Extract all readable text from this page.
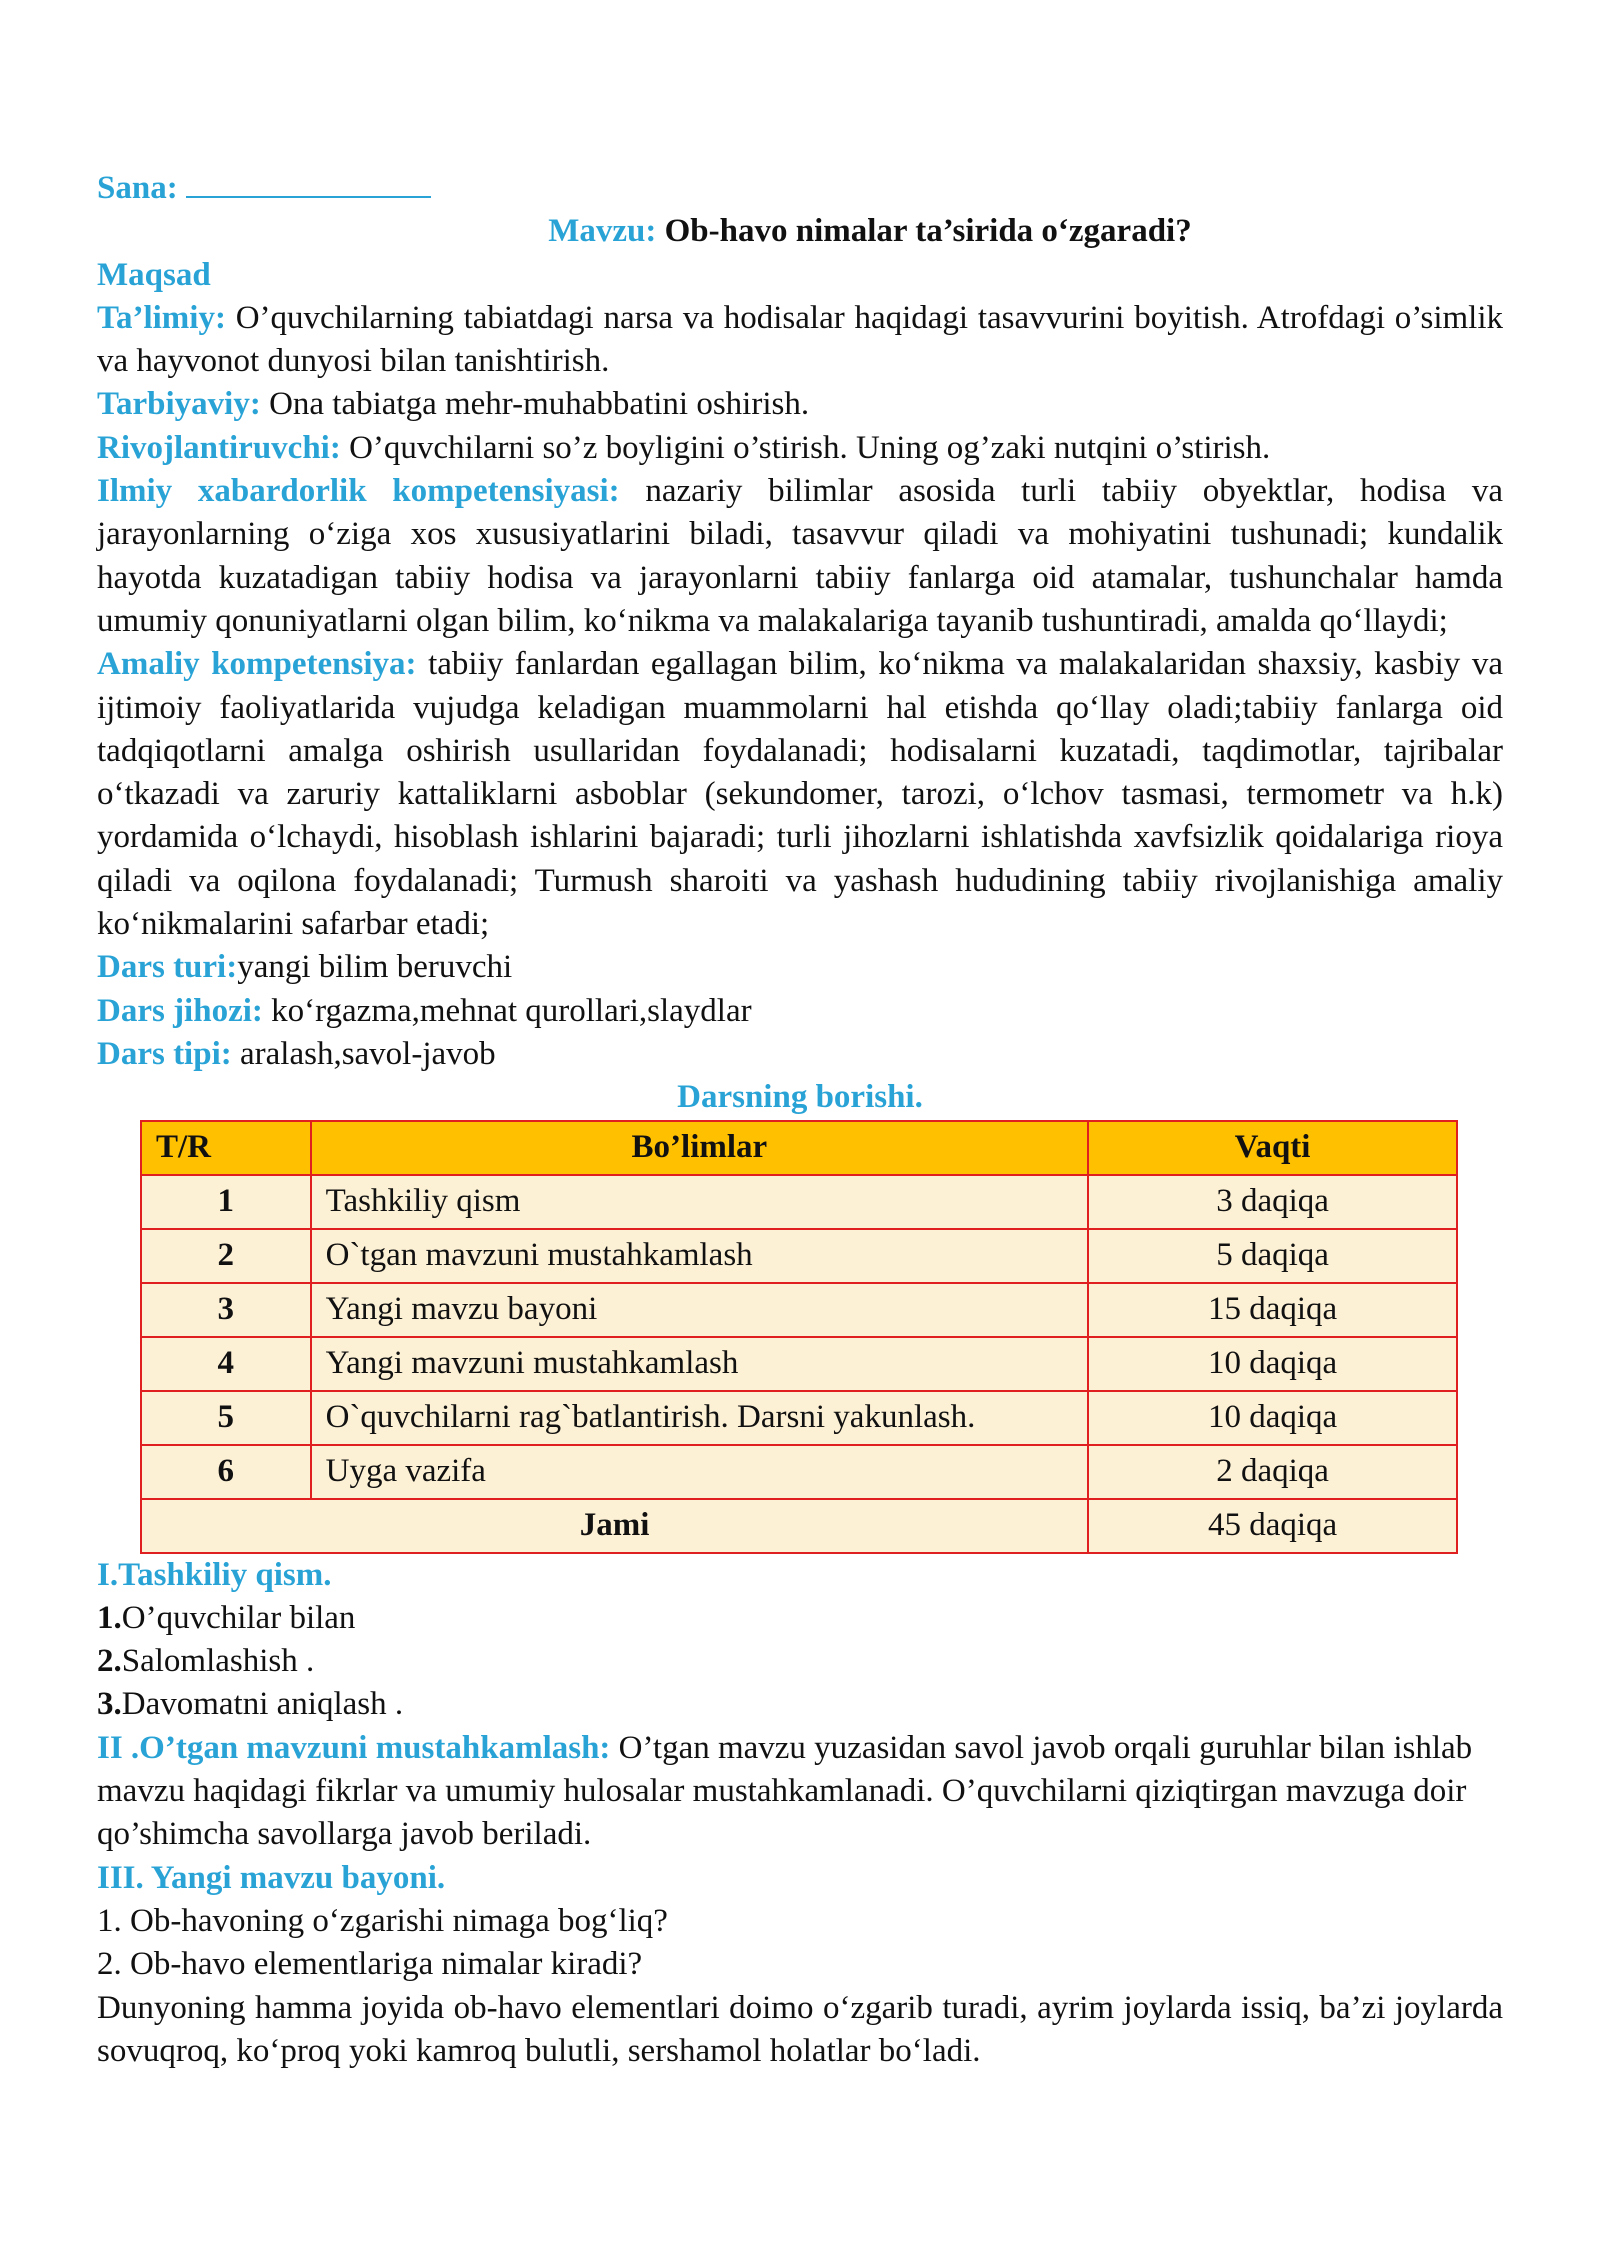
Sana:

Mavzu: Ob-havo nimalar ta’sirida o‘zgaradi?

Maqsad

Ta’limiy: O’quvchilarning tabiatdagi narsa va hodisalar haqidagi tasavvurini boyitish. Atrofdagi o’simlik va hayvonot dunyosi bilan tanishtirish.

Tarbiyaviy: Ona tabiatga mehr-muhabbatini oshirish.

Rivojlantiruvchi: O’quvchilarni so’z boyligini o’stirish. Uning og’zaki nutqini o’stirish.

Ilmiy xabardorlik kompetensiyasi: nazariy bilimlar asosida turli tabiiy obyektlar, hodisa va jarayonlarning o‘ziga xos xususiyatlarini biladi, tasavvur qiladi va mohiyatini tushunadi; kundalik hayotda kuzatadigan tabiiy hodisa va jarayonlarni tabiiy fanlarga oid atamalar, tushunchalar hamda umumiy qonuniyatlarni olgan bilim, ko‘nikma va malakalariga tayanib tushuntiradi, amalda qo‘llaydi;

Amaliy kompetensiya: tabiiy fanlardan egallagan bilim, ko‘nikma va malakalaridan shaxsiy, kasbiy va ijtimoiy faoliyatlarida vujudga keladigan muammolarni hal etishda qo‘llay oladi;tabiiy fanlarga oid tadqiqotlarni amalga oshirish usullaridan foydalanadi; hodisalarni kuzatadi, taqdimotlar, tajribalar o‘tkazadi va zaruriy kattaliklarni asboblar (sekundomer, tarozi, o‘lchov tasmasi, termometr va h.k) yordamida o‘lchaydi, hisoblash ishlarini bajaradi; turli jihozlarni ishlatishda xavfsizlik qoidalariga rioya qiladi va oqilona foydalanadi; Turmush sharoiti va yashash hududining tabiiy rivojlanishiga amaliy ko‘nikmalarini safarbar etadi;

Dars turi:yangi bilim beruvchi

Dars jihozi: ko‘rgazma,mehnat qurollari,slaydlar

Dars tipi: aralash,savol-javob

Darsning borishi.

T/R	Bo’limlar	Vaqti
1	Tashkiliy qism	3 daqiqa
2	O`tgan mavzuni mustahkamlash	5 daqiqa
3	Yangi mavzu bayoni	15 daqiqa
4	Yangi mavzuni mustahkamlash	10 daqiqa
5	O`quvchilarni rag`batlantirish. Darsni yakunlash.	10 daqiqa
6	Uyga vazifa	2 daqiqa
Jami		45 daqiqa

I.Tashkiliy qism.

1.O’quvchilar bilan

2.Salomlashish .

3.Davomatni aniqlash .

II .O’tgan mavzuni mustahkamlash: O’tgan mavzu yuzasidan savol javob orqali guruhlar bilan ishlab mavzu haqidagi fikrlar va umumiy hulosalar mustahkamlanadi. O’quvchilarni qiziqtirgan mavzuga doir qo’shimcha savollarga javob beriladi.

III. Yangi mavzu bayoni.

1. Ob-havoning o‘zgarishi nimaga bog‘liq?

2. Ob-havo elementlariga nimalar kiradi?

Dunyoning hamma joyida ob-havo elementlari doimo o‘zgarib turadi, ayrim joylarda issiq, ba’zi joylarda sovuqroq, ko‘proq yoki kamroq bulutli, sershamol holatlar bo‘ladi.
